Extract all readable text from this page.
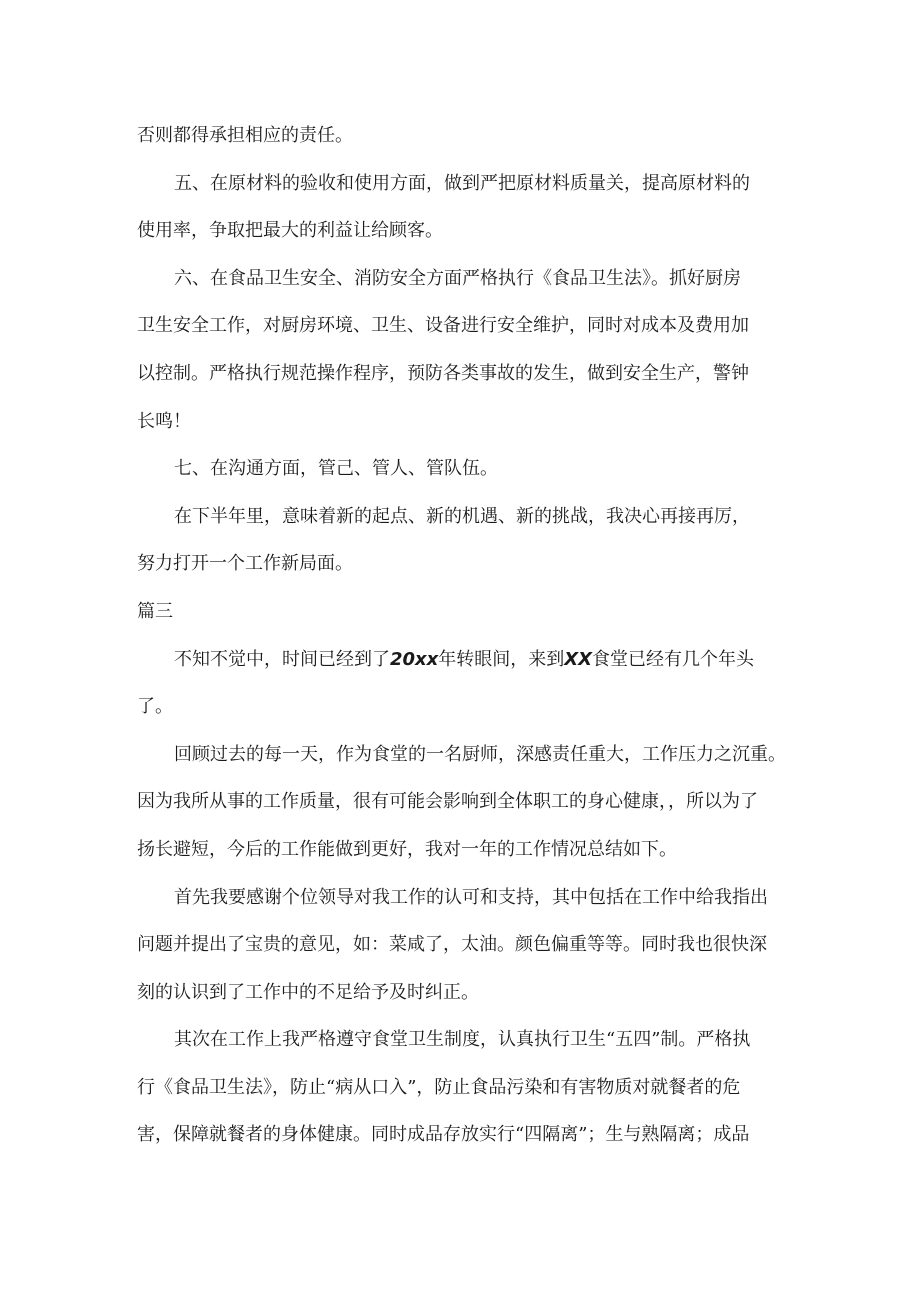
否则都得承担相应的责任。

五、在原材料的验收和使用方面，做到严把原材料质量关，提高原材料的
使用率，争取把最大的利益让给顾客。

六、在食品卫生安全、消防安全方面严格执行《食品卫生法》。抓好厨房
卫生安全工作，对厨房环境、卫生、设备进行安全维护，同时对成本及费用加
以控制。严格执行规范操作程序，预防各类事故的发生，做到安全生产，警钟
长鸣！

七、在沟通方面，管己、管人、管队伍。

在下半年里，意味着新的起点、新的机遇、新的挑战，我决心再接再厉，
努力打开一个工作新局面。

篇三

不知不觉中，时间已经到了20xx年转眼间，来到XX食堂已经有几个年头
了。

回顾过去的每一天，作为食堂的一名厨师，深感责任重大，工作压力之沉重。
因为我所从事的工作质量，很有可能会影响到全体职工的身心健康，，所以为了
扬长避短，今后的工作能做到更好，我对一年的工作情况总结如下。

首先我要感谢个位领导对我工作的认可和支持，其中包括在工作中给我指出
问题并提出了宝贵的意见，如：菜咸了，太油。颜色偏重等等。同时我也很快深
刻的认识到了工作中的不足给予及时纠正。

其次在工作上我严格遵守食堂卫生制度，认真执行卫生“五四”制。严格执
行《食品卫生法》，防止“病从口入”，防止食品污染和有害物质对就餐者的危
害，保障就餐者的身体健康。同时成品存放实行“四隔离”；生与熟隔离；成品
